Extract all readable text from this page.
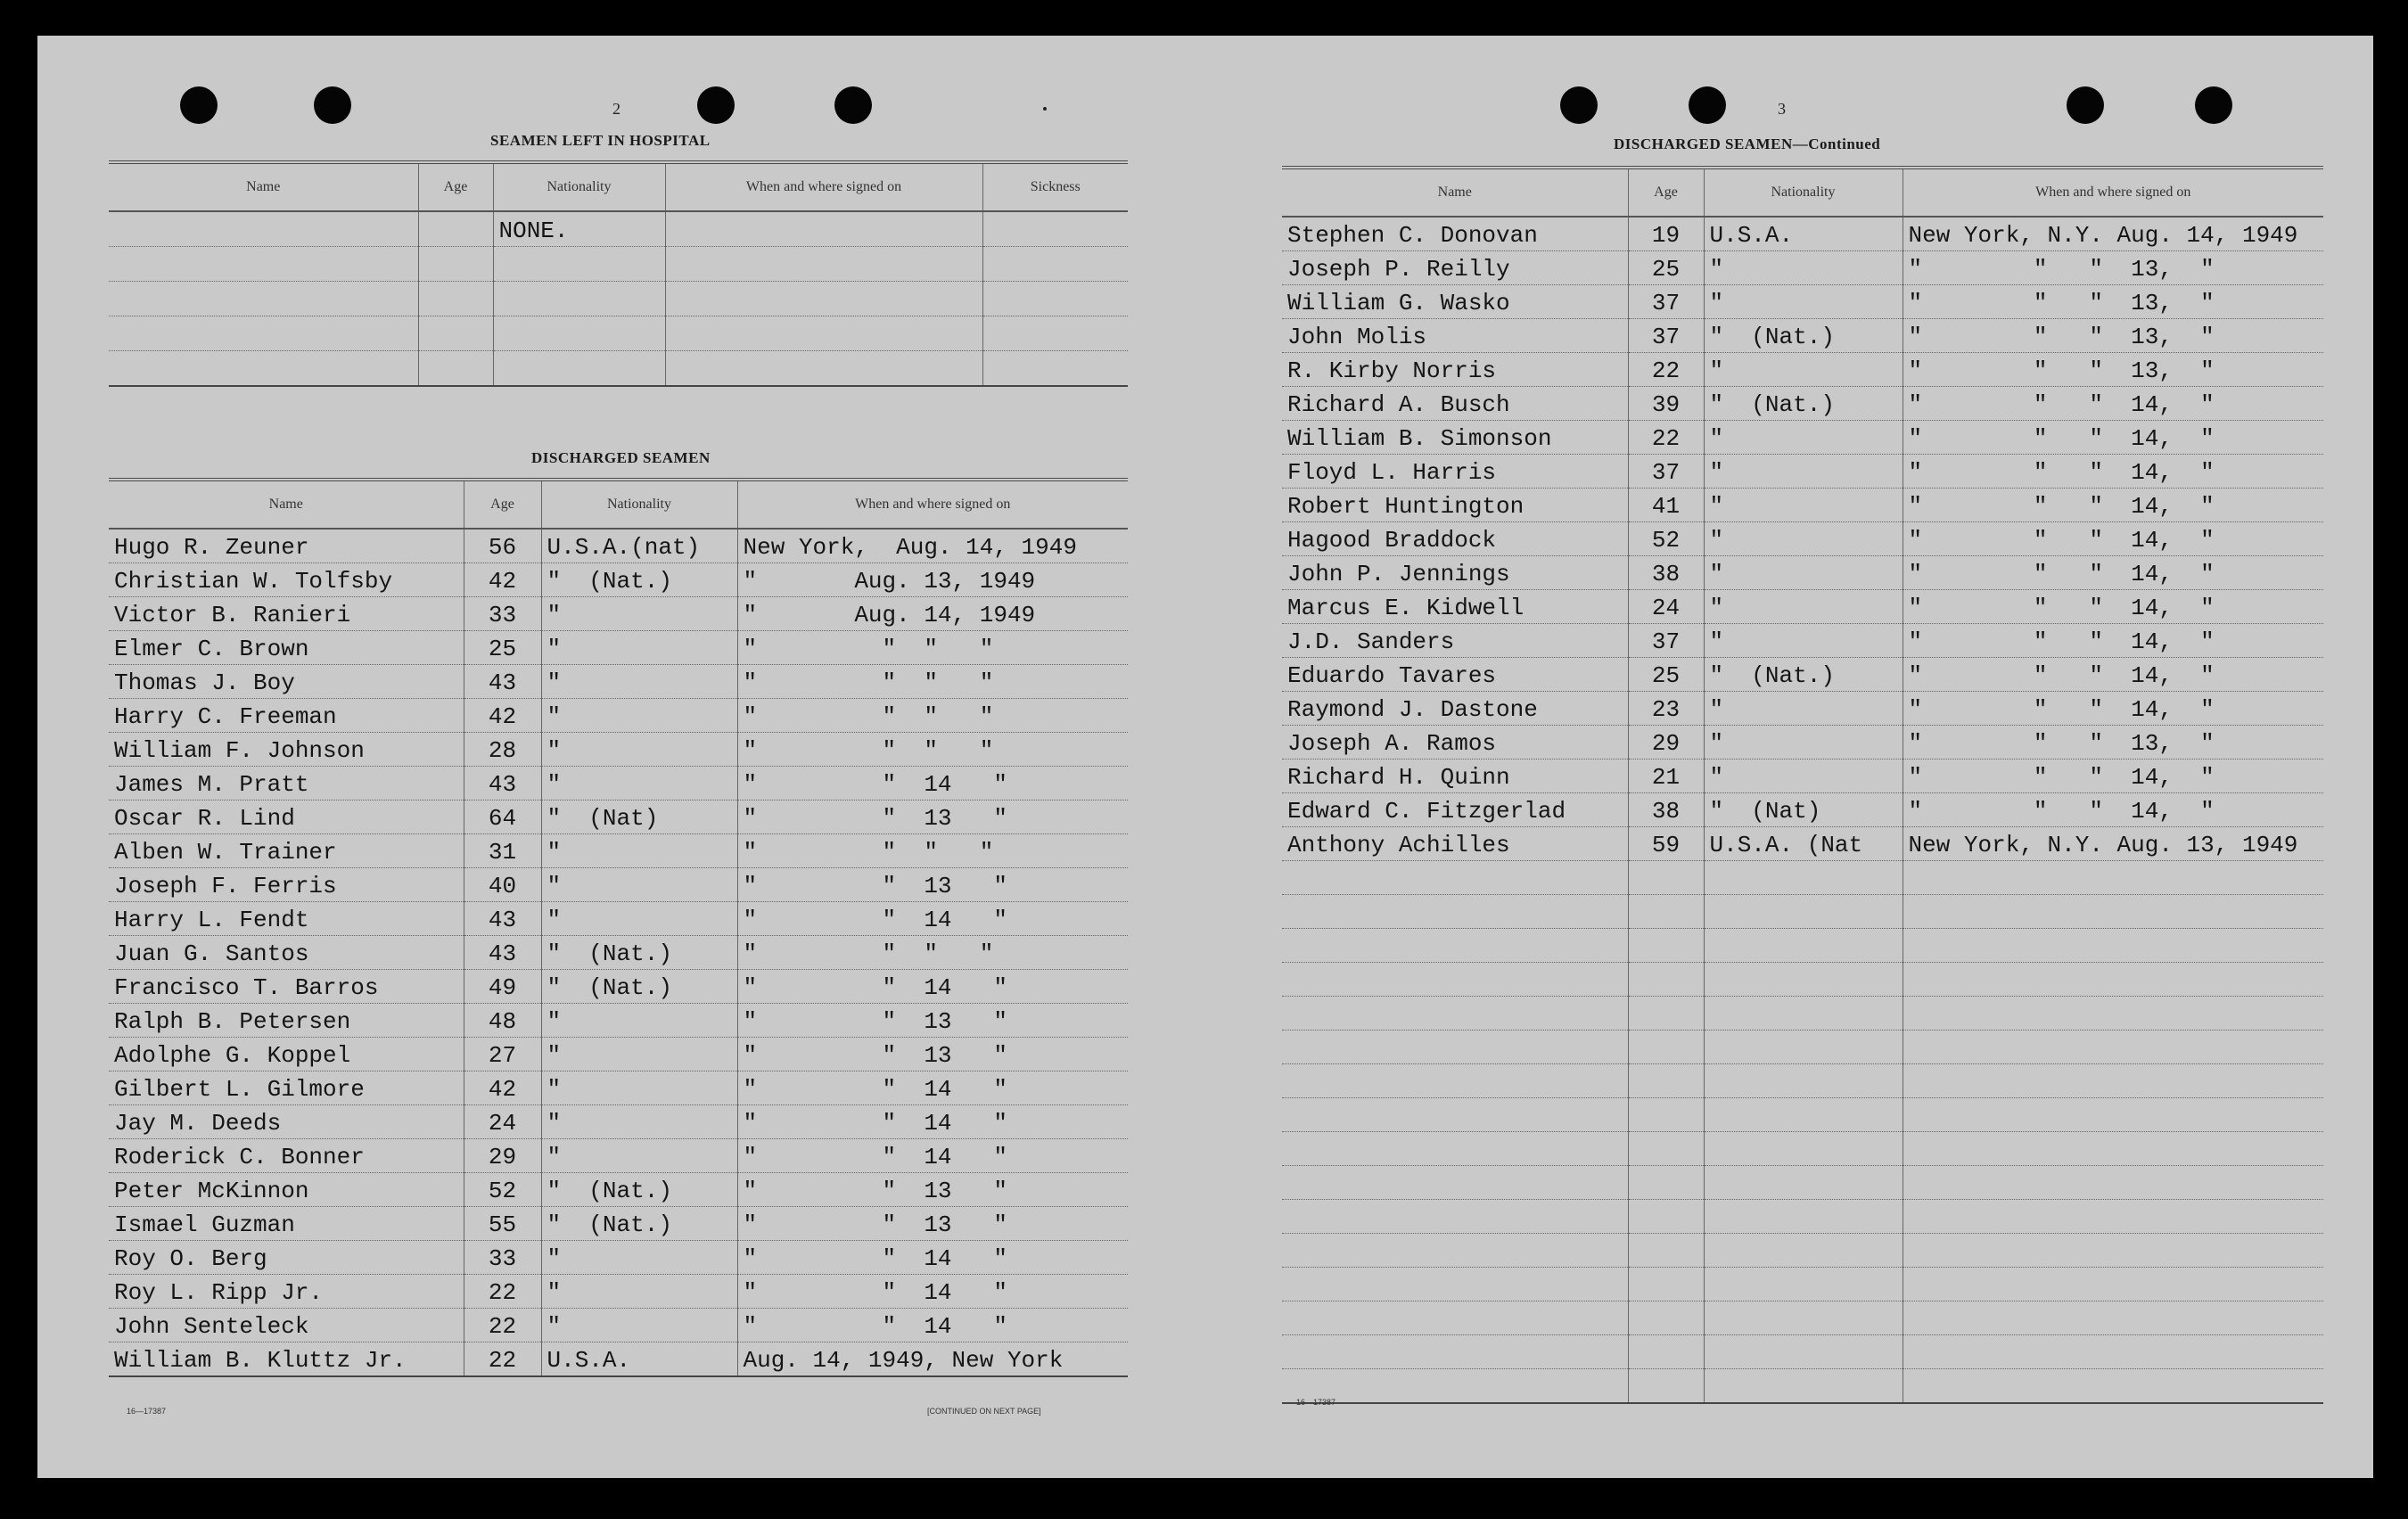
2
SEAMEN LEFT IN HOSPITAL
Name	Age	Nationality	When and where signed on	Sickness
		NONE.		

DISCHARGED SEAMEN
Name	Age	Nationality	When and where signed on
Hugo R. Zeuner	56	U.S.A.(nat)	New York,  Aug. 14, 1949
Christian W. Tolfsby	42	"  (Nat.)	"       Aug. 13, 1949
Victor B. Ranieri	33	"	"       Aug. 14, 1949
Elmer C. Brown	25	"	"         "  "   "
Thomas J. Boy	43	"	"         "  "   "
Harry C. Freeman	42	"	"         "  "   "
William F. Johnson	28	"	"         "  "   "
James M. Pratt	43	"	"         "  14   "
Oscar R. Lind	64	"  (Nat)	"         "  13   "
Alben W. Trainer	31	"	"         "  "   "
Joseph F. Ferris	40	"	"         "  13   "
Harry L. Fendt	43	"	"         "  14   "
Juan G. Santos	43	"  (Nat.)	"         "  "   "
Francisco T. Barros	49	"  (Nat.)	"         "  14   "
Ralph B. Petersen	48	"	"         "  13   "
Adolphe G. Koppel	27	"	"         "  13   "
Gilbert L. Gilmore	42	"	"         "  14   "
Jay M. Deeds	24	"	"         "  14   "
Roderick C. Bonner	29	"	"         "  14   "
Peter McKinnon	52	"  (Nat.)	"         "  13   "
Ismael Guzman	55	"  (Nat.)	"         "  13   "
Roy O. Berg	33	"	"         "  14   "
Roy L. Ripp Jr.	22	"	"         "  14   "
John Senteleck	22	"	"         "  14   "
William B. Kluttz Jr.	22	U.S.A.	Aug. 14, 1949, New York
16—17387	[CONTINUED ON NEXT PAGE]
3
DISCHARGED SEAMEN—Continued
Name	Age	Nationality	When and where signed on
Stephen C. Donovan	19	U.S.A.	New York, N.Y. Aug. 14, 1949
Joseph P. Reilly	25	"	"        "   "  13,  "
William G. Wasko	37	"	"        "   "  13,  "
John Molis	37	"  (Nat.)	"        "   "  13,  "
R. Kirby Norris	22	"	"        "   "  13,  "
Richard A. Busch	39	"  (Nat.)	"        "   "  14,  "
William B. Simonson	22	"	"        "   "  14,  "
Floyd L. Harris	37	"	"        "   "  14,  "
Robert Huntington	41	"	"        "   "  14,  "
Hagood Braddock	52	"	"        "   "  14,  "
John P. Jennings	38	"	"        "   "  14,  "
Marcus E. Kidwell	24	"	"        "   "  14,  "
J.D. Sanders	37	"	"        "   "  14,  "
Eduardo Tavares	25	"  (Nat.)	"        "   "  14,  "
Raymond J. Dastone	23	"	"        "   "  14,  "
Joseph A. Ramos	29	"	"        "   "  13,  "
Richard H. Quinn	21	"	"        "   "  14,  "
Edward C. Fitzgerlad	38	"  (Nat)	"        "   "  14,  "
Anthony Achilles	59	U.S.A. (Nat	New York, N.Y. Aug. 13, 1949

16—17387
